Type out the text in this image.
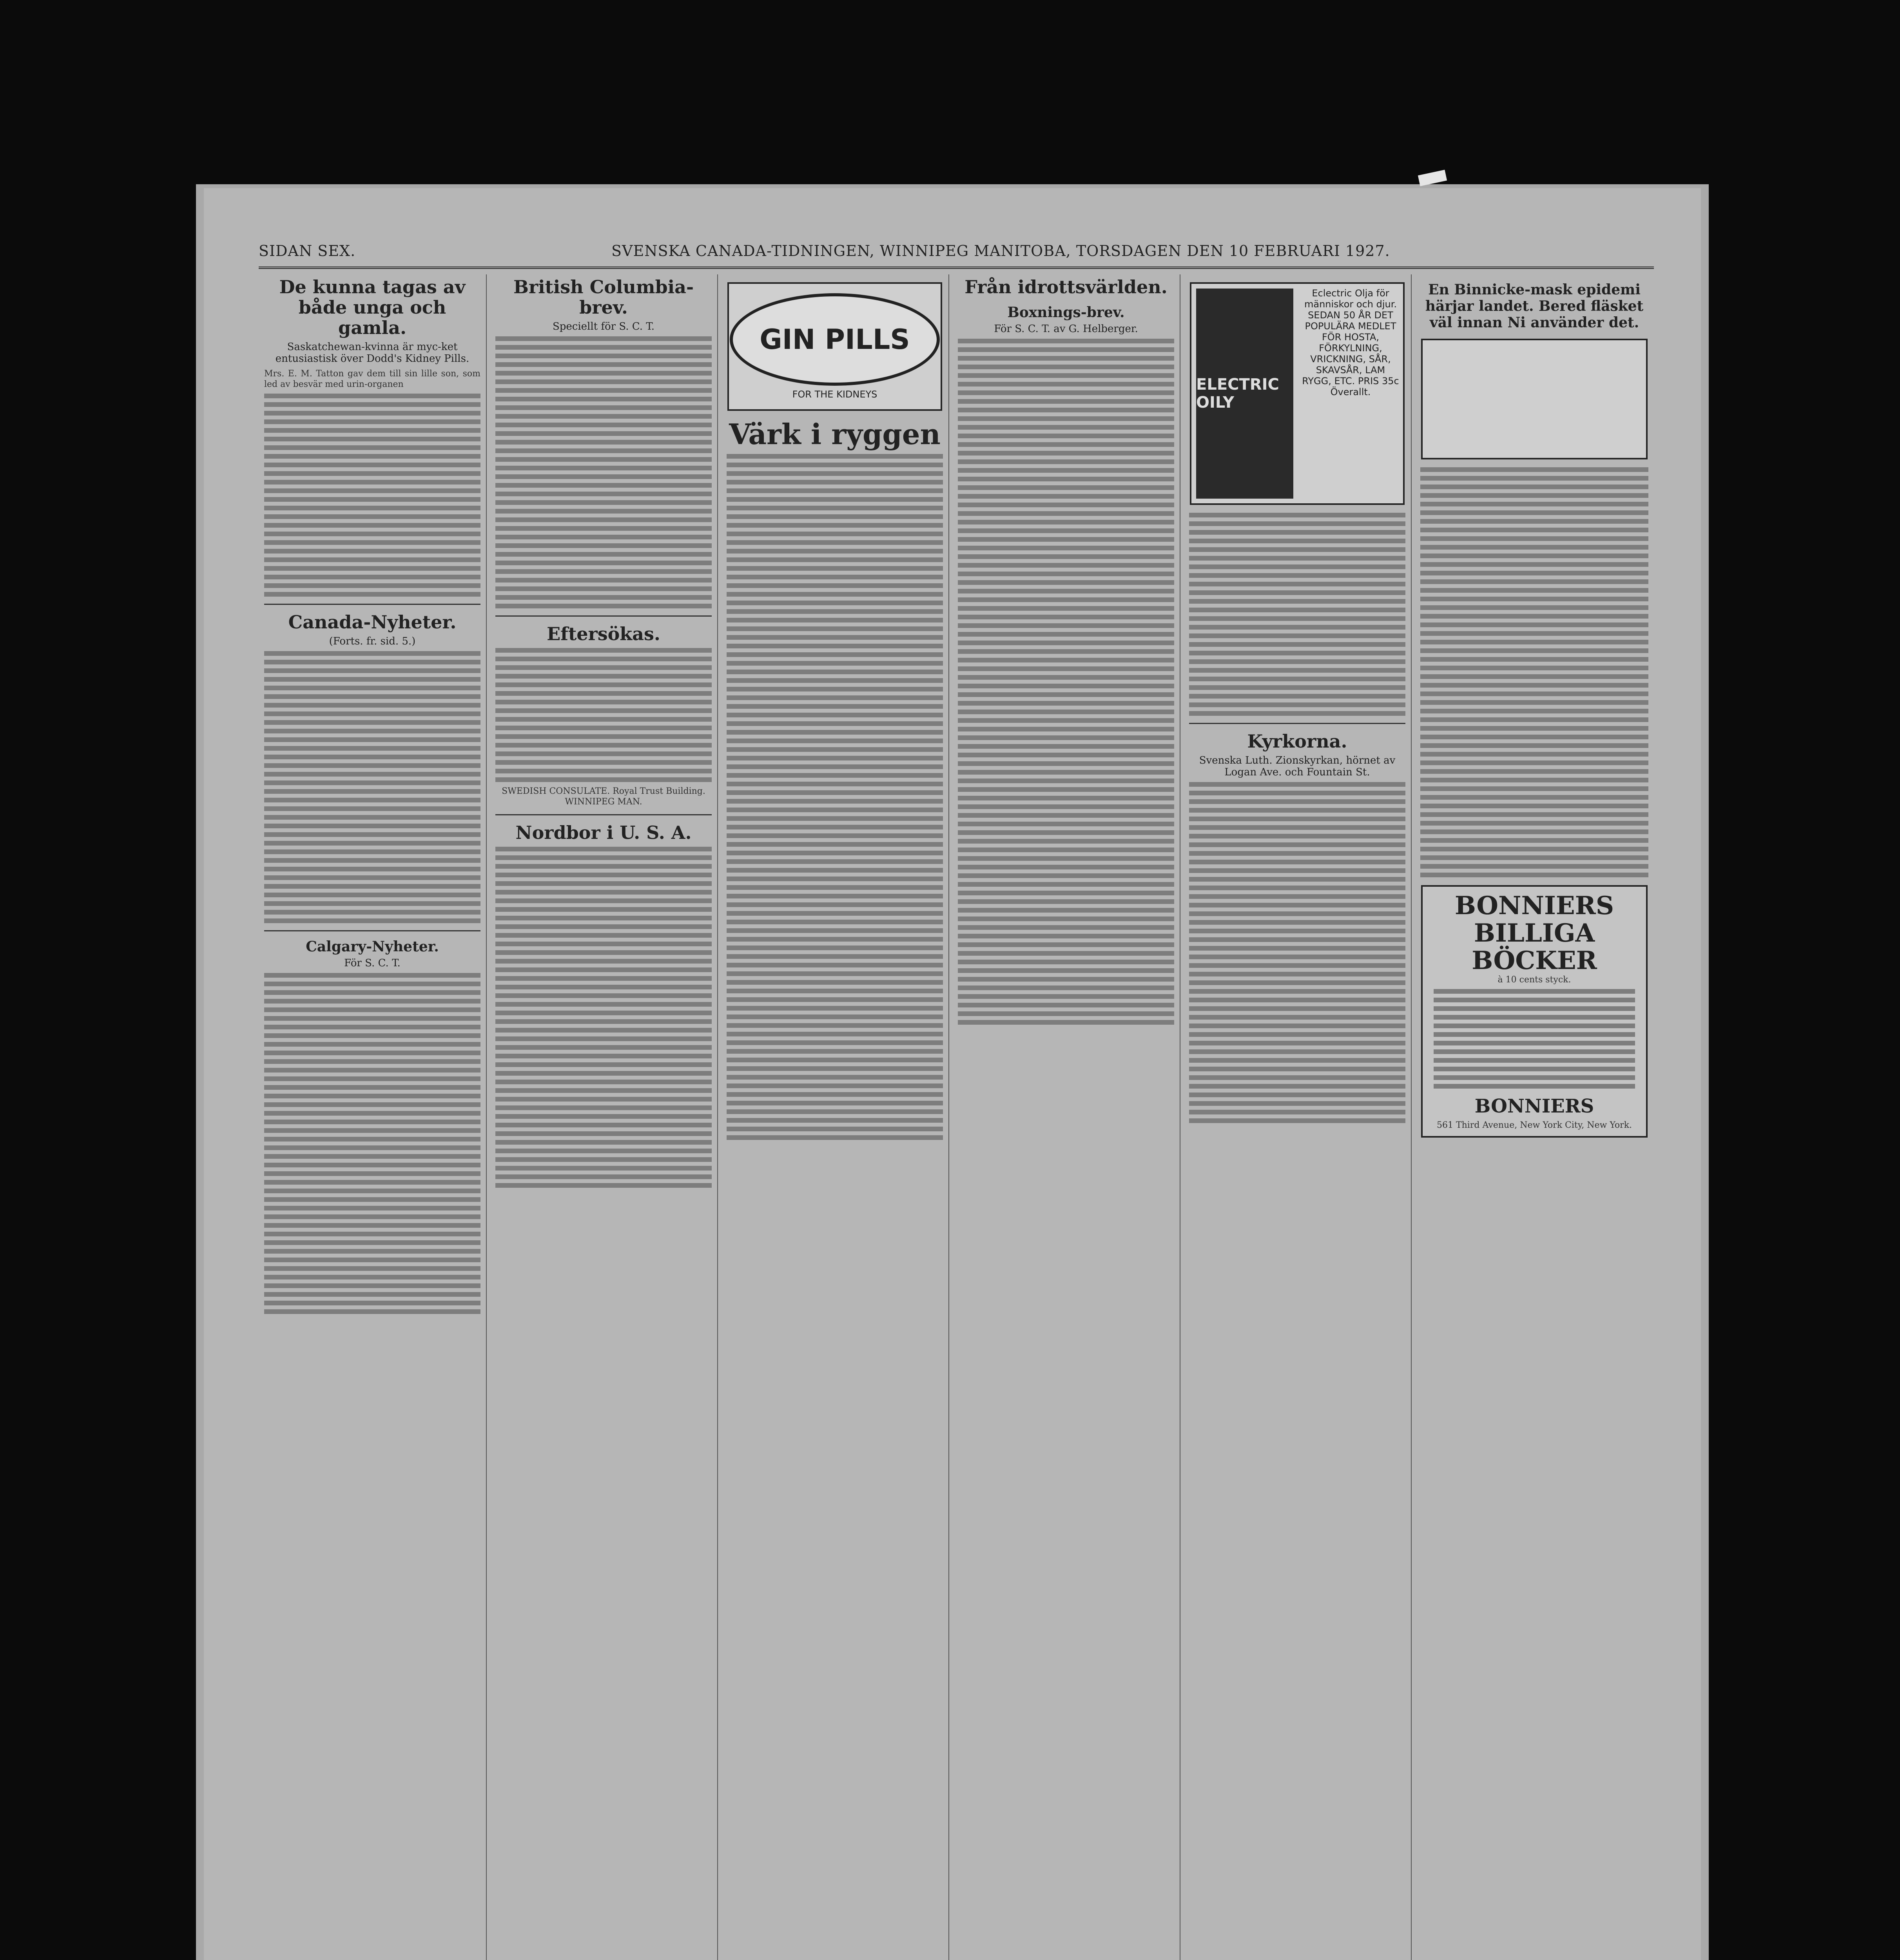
SIDAN SEX.	SVENSKA CANADA-TIDNINGEN, WINNIPEG MANITOBA, TORSDAGEN DEN 10 FEBRUARI 1927.
De kunna tagas av både unga och gamla.
Saskatchewan-kvinna är myc-ket entusiastisk över Dodd's Kidney Pills.

Mrs. E. M. Tatton gav dem till sin lille son, som led av besvär med urin-organen

Canada-Nyheter.
(Forts. fr. sid. 5.)
Calgary-Nyheter.
För S. C. T.
British Columbia-brev.
Speciellt för S. C. T.
Eftersökas.

SWEDISH CONSULATE. Royal Trust Building. WINNIPEG MAN.

Nordbor i U. S. A.
GIN PILLS
FOR THE KIDNEYS
Värk i ryggen
Från idrottsvärlden.
Boxnings-brev.
För S. C. T. av G. Helberger.
ELECTRIC OILY
Eclectric Olja för människor och djur. SEDAN 50 ÅR DET POPULÄRA MEDLET FÖR HOSTA, FÖRKYLNING, VRICKNING, SÅR, SKAVSÅR, LAM RYGG, ETC. PRIS 35c Överallt.
Kyrkorna.
Svenska Luth. Zionskyrkan, hörnet av Logan Ave. och Fountain St.
En Binnicke-mask epidemi härjar landet. Bered fläsket väl innan Ni använder det.
BONNIERS BILLIGA BÖCKER
à 10 cents styck.
BONNIERS
561 Third Avenue, New York City, New York.
